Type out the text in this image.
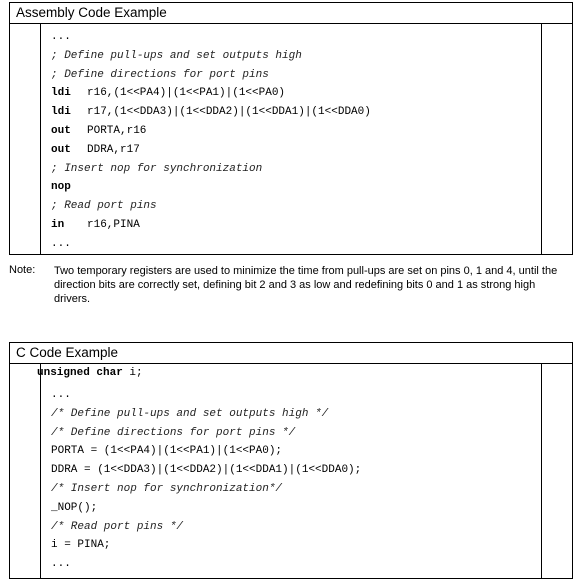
Assembly Code Example
...
; Define pull-ups and set outputs high
; Define directions for port pins
ldi r16,(1<<PA4)|(1<<PA1)|(1<<PA0)
ldi r17,(1<<DDA3)|(1<<DDA2)|(1<<DDA1)|(1<<DDA0)
out PORTA,r16
out DDRA,r17
; Insert nop for synchronization
nop
; Read port pins
in r16,PINA
...
Note: Two temporary registers are used to minimize the time from pull-ups are set on pins 0, 1 and 4, until the direction bits are correctly set, defining bit 2 and 3 as low and redefining bits 0 and 1 as strong high drivers.
C Code Example

unsigned char i;

...
/* Define pull-ups and set outputs high */
/* Define directions for port pins */
PORTA = (1<<PA4)|(1<<PA1)|(1<<PA0);
DDRA = (1<<DDA3)|(1<<DDA2)|(1<<DDA1)|(1<<DDA0);
/* Insert nop for synchronization*/
_NOP();
/* Read port pins */
i = PINA;
...
